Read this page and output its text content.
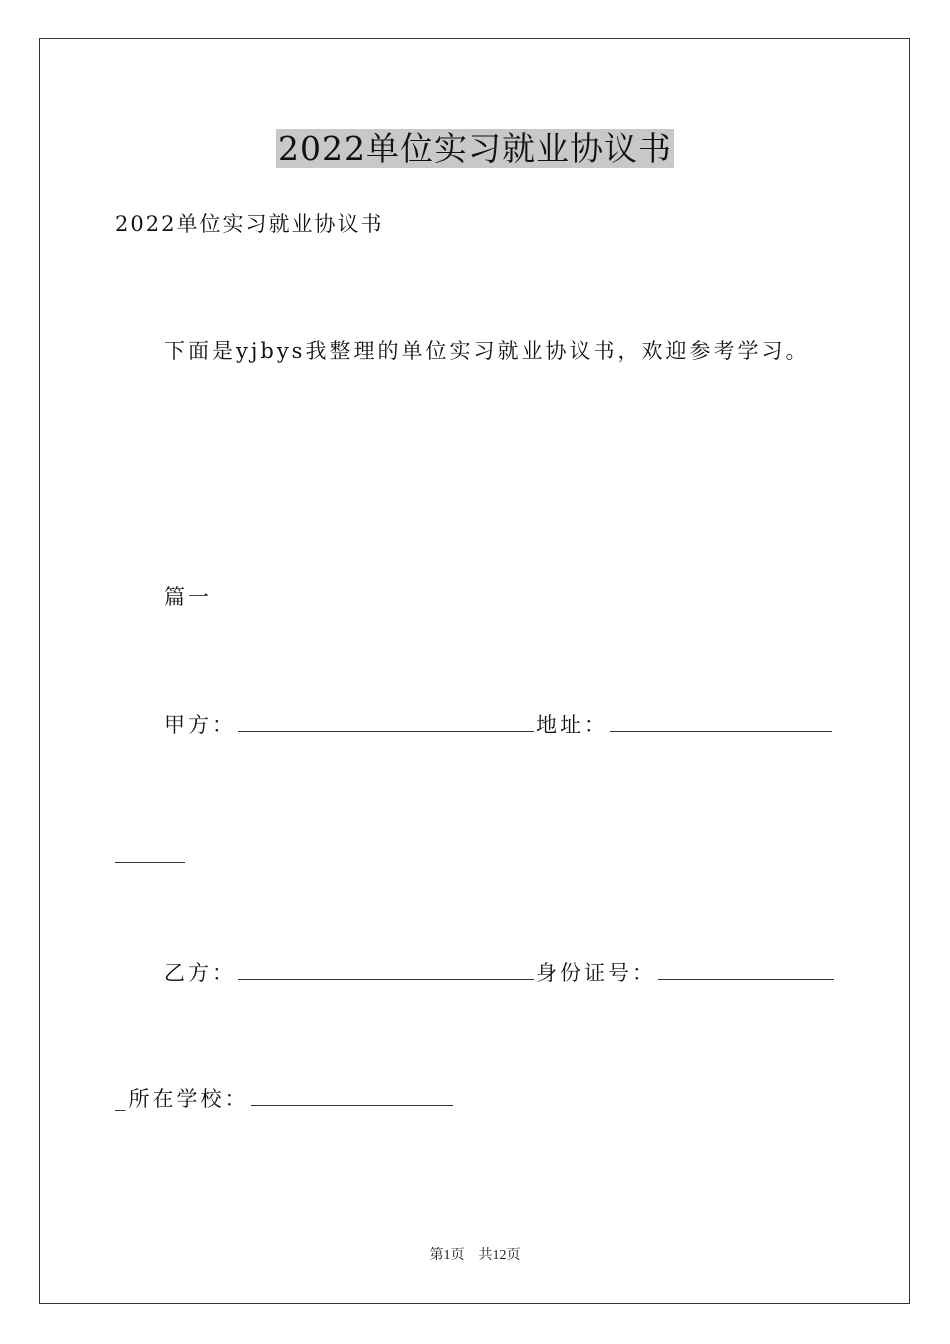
2022单位实习就业协议书
2022单位实习就业协议书
下面是yjbys我整理的单位实习就业协议书，欢迎参考学习。
篇一
甲方：	地址：
乙方：	身份证号：
_所在学校：
第1页 共12页
